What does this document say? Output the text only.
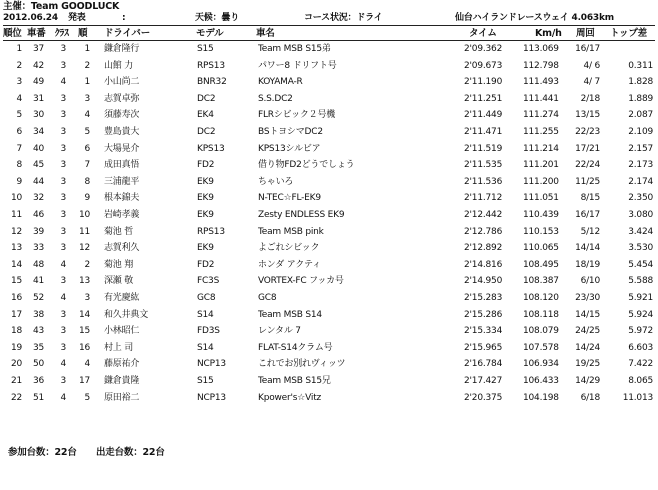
主催：Team GOODLUCK
2012.06.24 発表	:	天候：曇り	コース状況：ドライ	仙台ハイランドレースウェイ 4.063km
順位 車番 ｸﾗｽ 順 ドライバー	モデル	車名	タイム	Km/h 周回 トップ差
1 37 3 1 鎌倉隆行	S15	Team MSB S15弟	2'09.362 113.069 16/17
2 42 3 2 山館 力	RPS13	パワー8 ドリフト号	2'09.673 112.798	4/ 6	0.311
3 49 4 1 小山尚二	BNR32	KOYAMA-R	2'11.190 111.493	4/ 7	1.828
4 31 3 3 志賀卓弥	DC2	S.S.DC2	2'11.251 111.441 2/18	1.889
5 30 3 4 須藤寿次	EK4	FLRシビック２号機	2'11.449 111.274 13/15	2.087
6 34 3 5 豊島貴大	DC2	BSトヨシマDC2	2'11.471 111.255 22/23	2.109
7 40 3 6 大場晃介	KPS13	KPS13シルビア	2'11.519 111.214 17/21	2.157
8 45 3 7 成田真悟	FD2	借り物FD2どうでしょう	2'11.535 111.201 22/24	2.173
9 44 3 8 三浦龍平	EK9	ちゃいろ	2'11.536 111.200 11/25	2.174
10 32 3 9 根本錦夫	EK9	N-TEC☆FL-EK9	2'11.712 111.051 8/15	2.350
11 46 3 10 岩崎孝義	EK9	Zesty ENDLESS EK9	2'12.442 110.439 16/17	3.080
12 39 3 11 菊池 哲	RPS13	Team MSB pink	2'12.786 110.153 5/12	3.424
13 33 3 12 志賀利久	EK9	よごれシビック	2'12.892 110.065 14/14	3.530
14 48 4 2 菊池 翔	FD2	ホンダ アクティ	2'14.816 108.495 18/19	5.454
15 41 3 13 深瀬 敬	FC3S	VORTEX-FC フッカ号	2'14.950 108.387 6/10	5.588
16 52 4 3 有光慶紘	GC8	GC8	2'15.283 108.120 23/30	5.921
17 38 3 14 和久井典文	S14	Team MSB S14	2'15.286 108.118 14/15	5.924
18 43 3 15 小林昭仁	FD3S	レンタル 7	2'15.334 108.079 24/25	5.972
19 35 3 16 村上 司	S14	FLAT-S14クラム号	2'15.965 107.578 14/24	6.603
20 50 4 4 藤原祐介	NCP13	これでお別れヴィッツ	2'16.784 106.934 19/25	7.422
21 36 3 17 鎌倉貴隆	S15	Team MSB S15兄	2'17.427 106.433 14/29	8.065
22 51 4 5 原田裕二	NCP13	Kpower's☆Vitz	2'20.375 104.198 6/18	11.013
参加台数：22台 出走台数：22台
